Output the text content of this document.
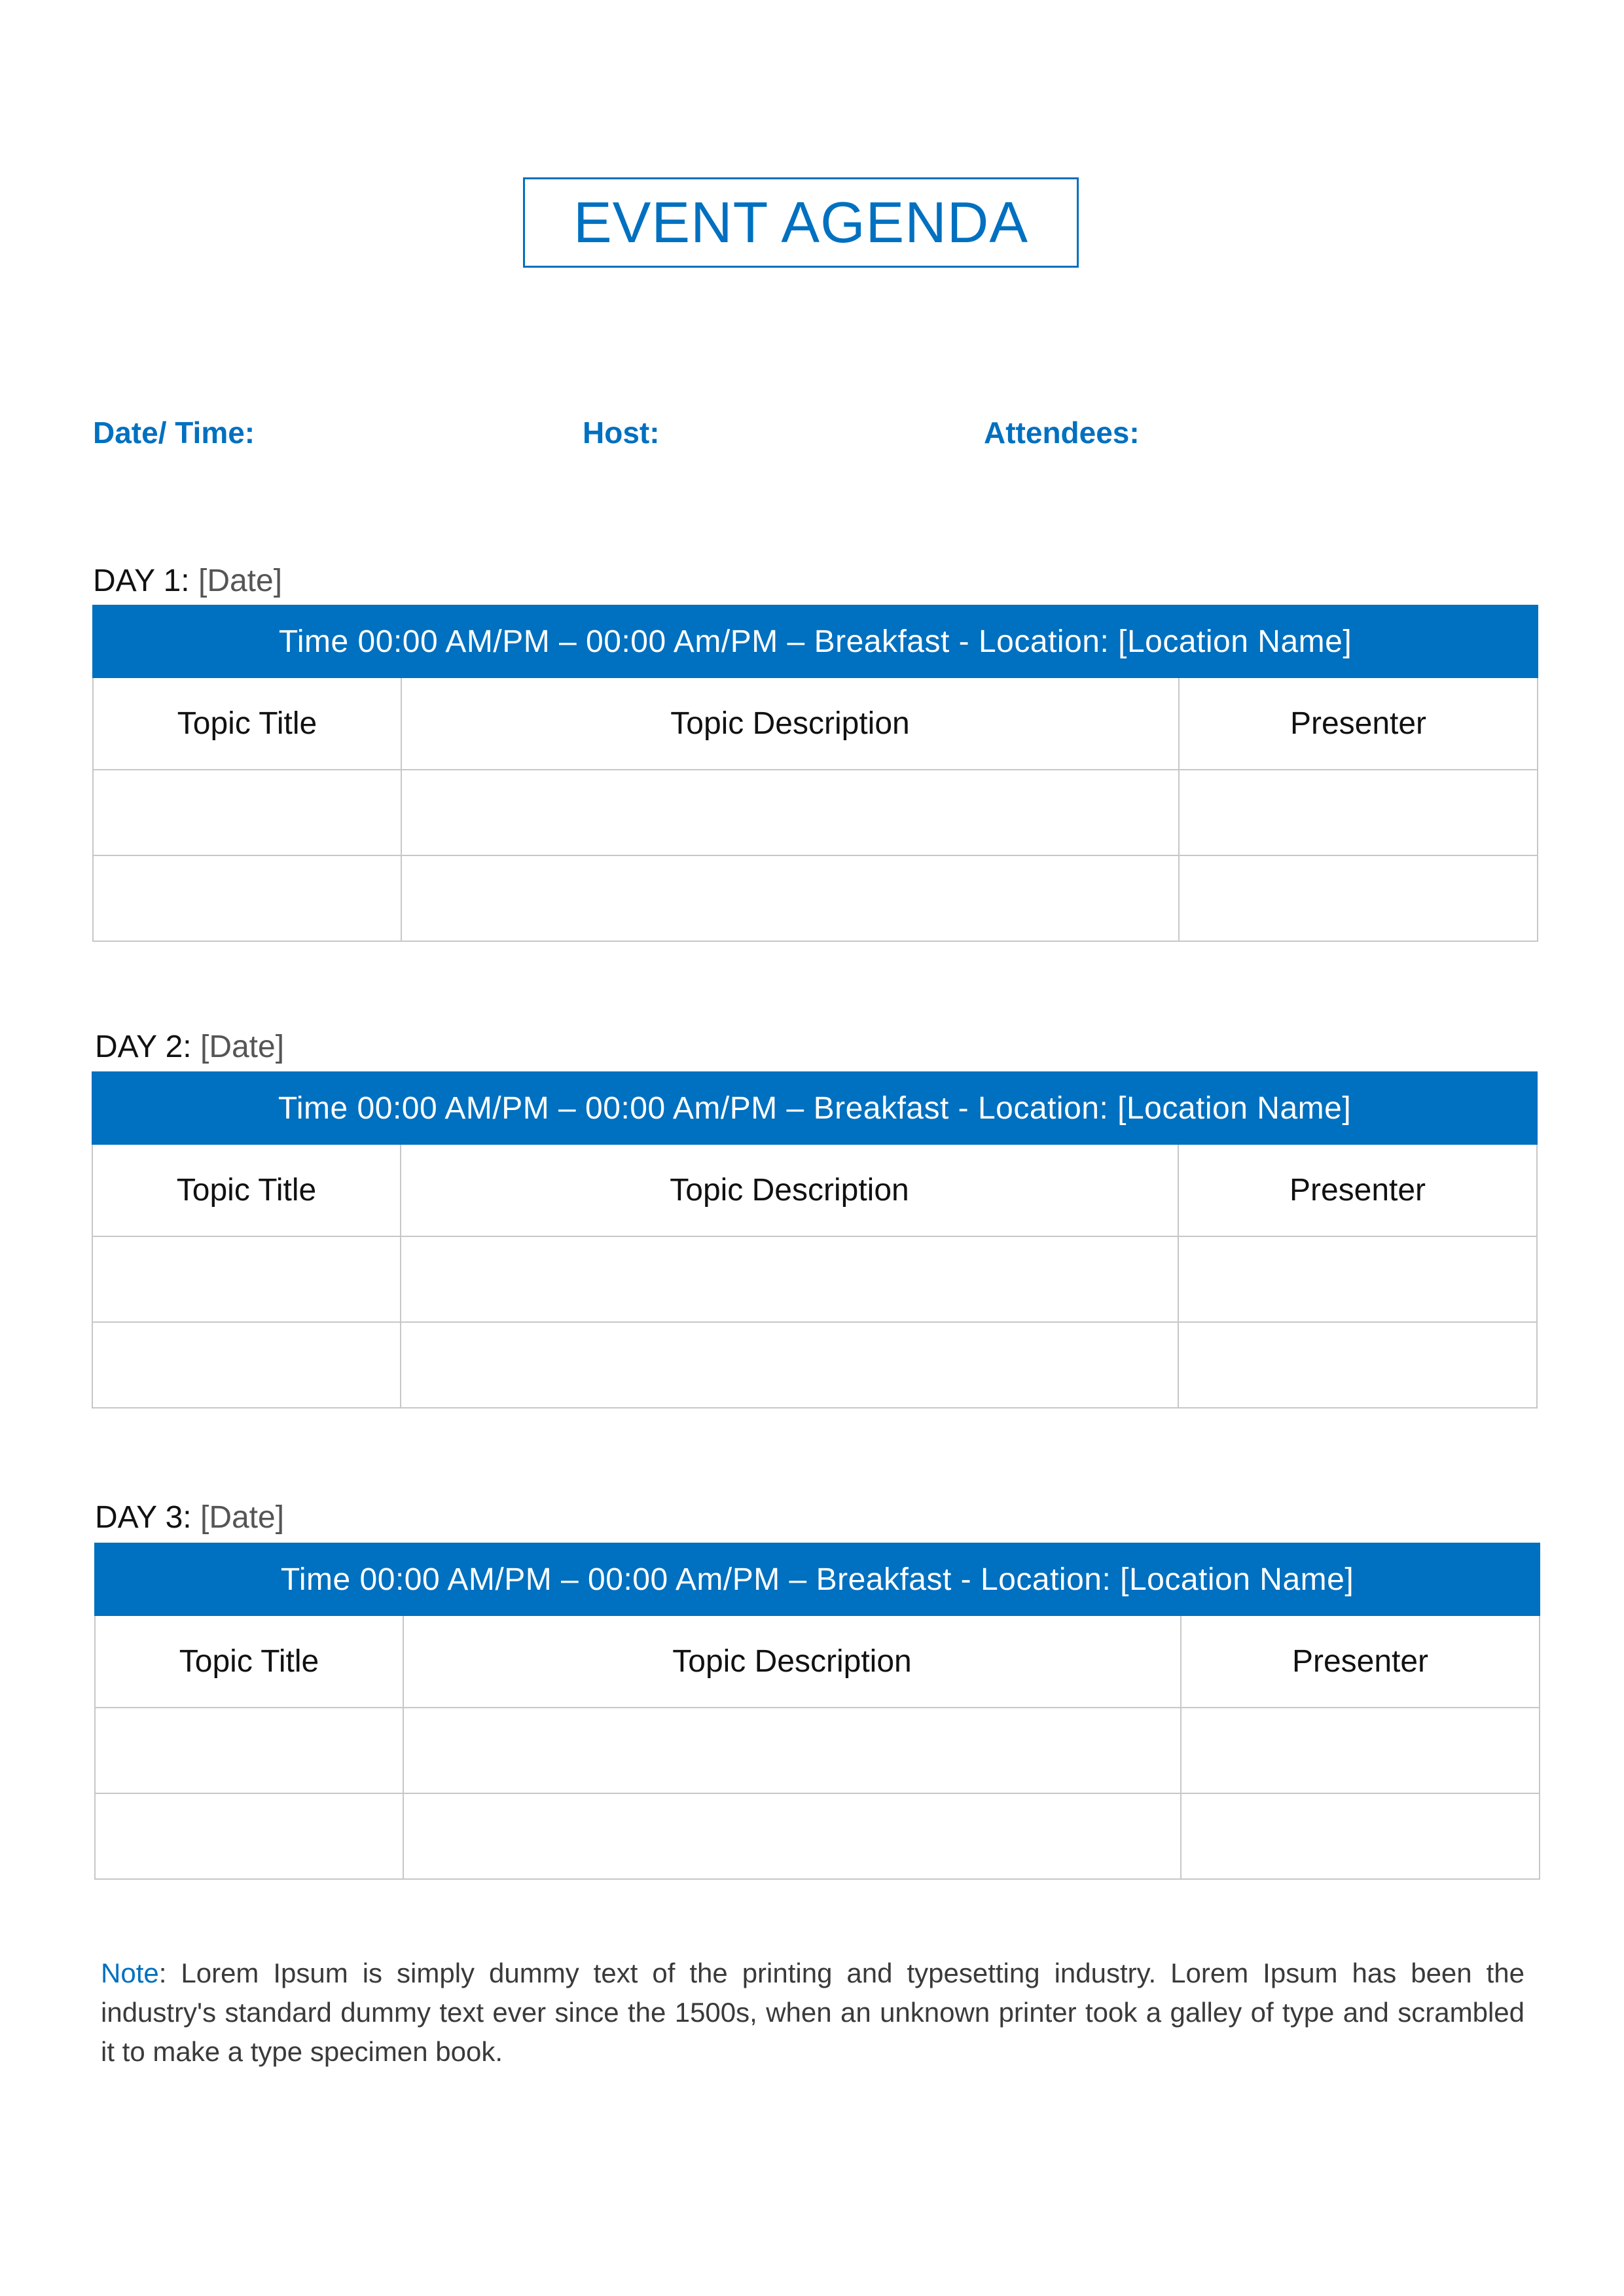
EVENT AGENDA
Date/ Time:	Host:	Attendees:
DAY 1: [Date]
Time 00:00 AM/PM – 00:00 Am/PM – Breakfast - Location: [Location Name]		
Topic Title	Topic Description	Presenter

DAY 2: [Date]
Time 00:00 AM/PM – 00:00 Am/PM – Breakfast - Location: [Location Name]		
Topic Title	Topic Description	Presenter

DAY 3: [Date]
Time 00:00 AM/PM – 00:00 Am/PM – Breakfast - Location: [Location Name]		
Topic Title	Topic Description	Presenter

Note: Lorem Ipsum is simply dummy text of the printing and typesetting industry. Lorem Ipsum has been the industry's standard dummy text ever since the 1500s, when an unknown printer took a galley of type and scrambled it to make a type specimen book.
